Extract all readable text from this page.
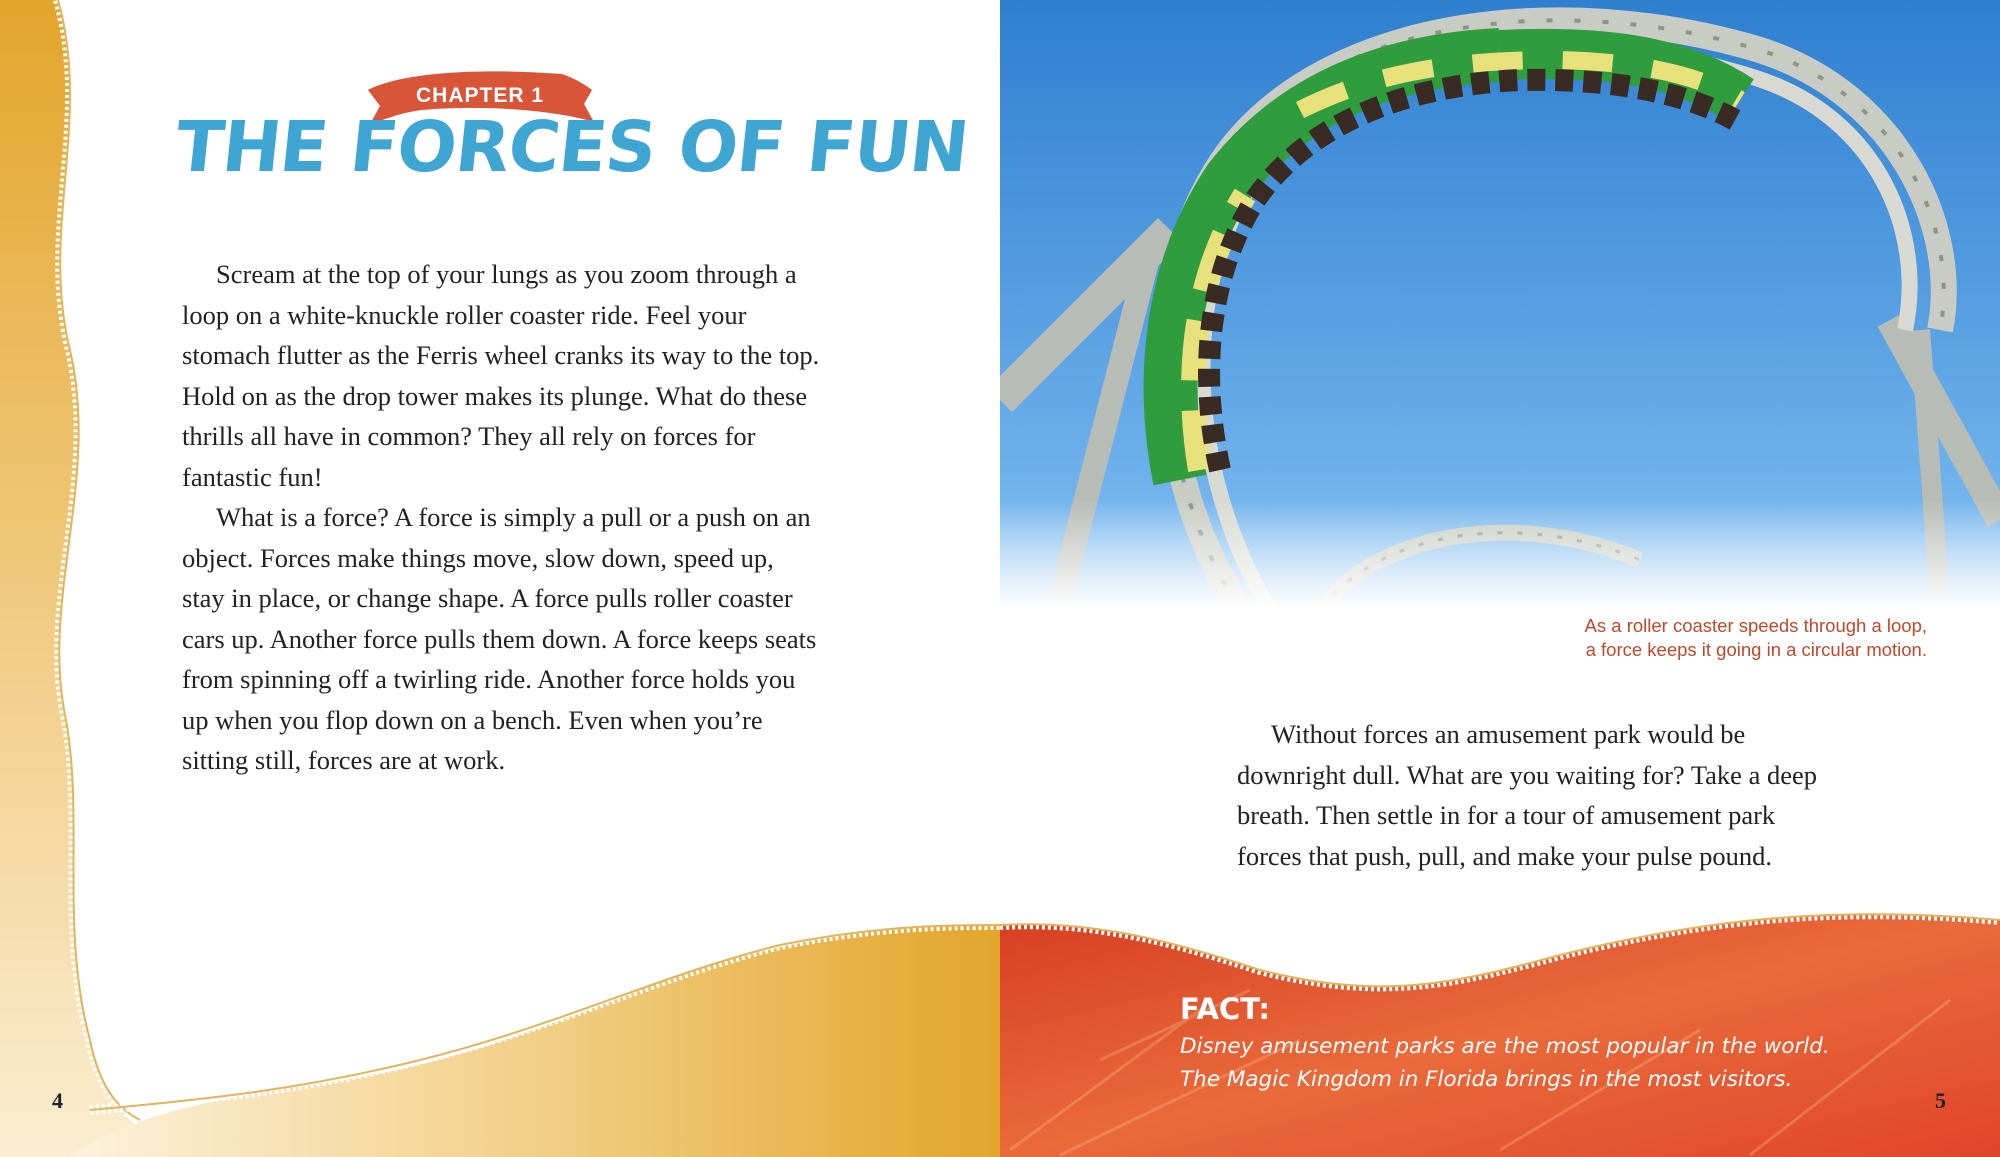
CHAPTER 1
THE FORCES OF FUN

Scream at the top of your lungs as you zoom through a loop on a white-knuckle roller coaster ride. Feel your stomach flutter as the Ferris wheel cranks its way to the top. Hold on as the drop tower makes its plunge. What do these thrills all have in common? They all rely on forces for fantastic fun!

What is a force? A force is simply a pull or a push on an object. Forces make things move, slow down, speed up, stay in place, or change shape. A force pulls roller coaster cars up. Another force pulls them down. A force keeps seats from spinning off a twirling ride. Another force holds you up when you flop down on a bench. Even when you’re sitting still, forces are at work.

As a roller coaster speeds through a loop,
a force keeps it going in a circular motion.

Without forces an amusement park would be downright dull. What are you waiting for? Take a deep breath. Then settle in for a tour of amusement park forces that push, pull, and make your pulse pound.

FACT:
Disney amusement parks are the most popular in the world.
The Magic Kingdom in Florida brings in the most visitors.
4	5
